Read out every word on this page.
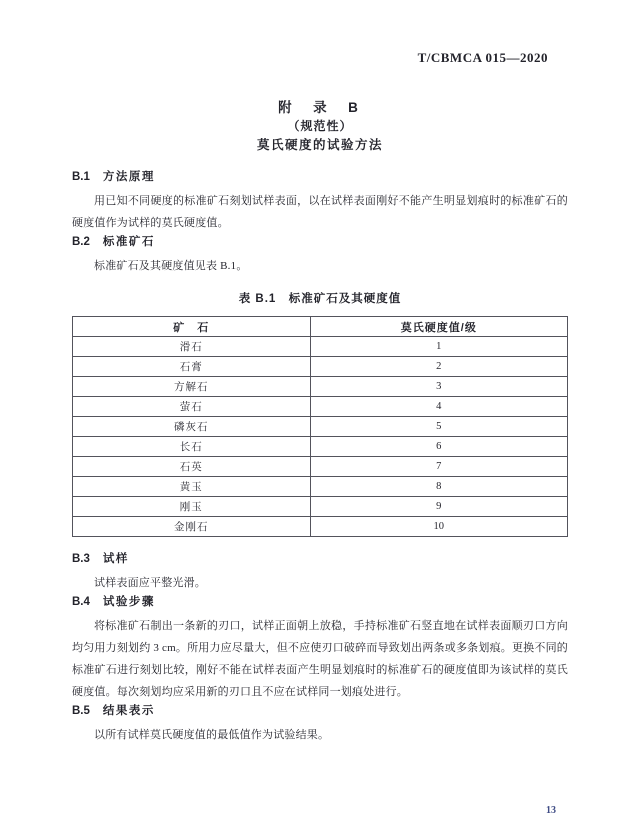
T/CBMCA 015—2020
附　录　B
（规范性）
莫氏硬度的试验方法
B.1 方法原理

用已知不同硬度的标准矿石刻划试样表面，以在试样表面刚好不能产生明显划痕时的标准矿石的硬度值作为试样的莫氏硬度值。

B.2 标准矿石

标准矿石及其硬度值见表 B.1。

表 B.1　标准矿石及其硬度值
矿　石	莫氏硬度值/级
滑石	1
石膏	2
方解石	3
萤石	4
磷灰石	5
长石	6
石英	7
黄玉	8
刚玉	9
金刚石	10
B.3 试样

试样表面应平整光滑。

B.4 试验步骤

将标准矿石制出一条新的刃口，试样正面朝上放稳，手持标准矿石竖直地在试样表面顺刃口方向均匀用力刻划约 3 cm。所用力应尽量大，但不应使刃口破碎而导致划出两条或多条划痕。更换不同的标准矿石进行刻划比较，刚好不能在试样表面产生明显划痕时的标准矿石的硬度值即为该试样的莫氏硬度值。每次刻划均应采用新的刃口且不应在试样同一划痕处进行。

B.5 结果表示

以所有试样莫氏硬度值的最低值作为试验结果。

13
